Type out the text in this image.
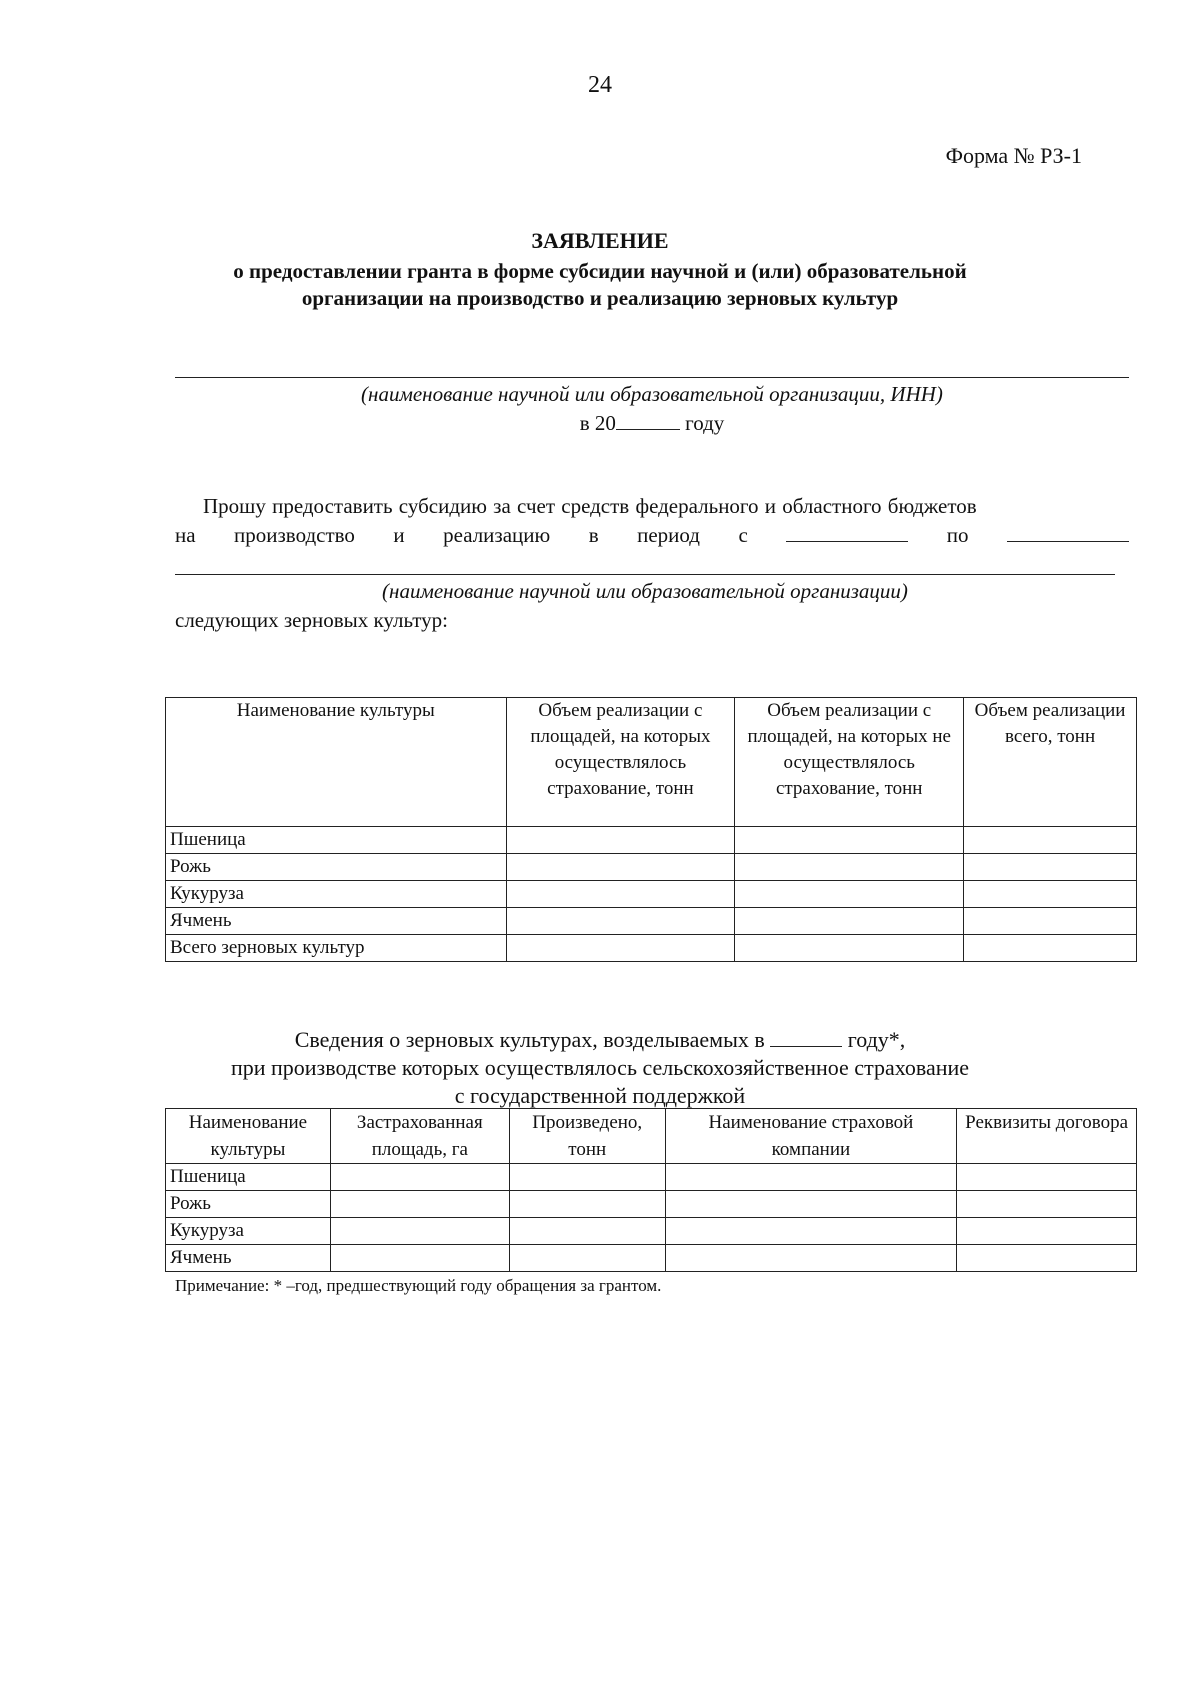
24
Форма № РЗ-1
ЗАЯВЛЕНИЕ
о предоставлении гранта в форме субсидии научной и (или) образовательной
организации на производство и реализацию зерновых культур
(наименование научной или образовательной организации, ИНН)
в 20	году
Прошу предоставить субсидию за счет средств федерального и областного бюджетов
на производство и реализацию в период с	по
(наименование научной или образовательной организации)
следующих зерновых культур:
Наименование культуры	Объем реализации с площадей, на которых осуществлялось страхование, тонн	Объем реализации с площадей, на которых не осуществлялось страхование, тонн	Объем реализации всего, тонн
Пшеница			
Рожь			
Кукуруза			
Ячмень			
Всего зерновых культур			
Сведения о зерновых культурах, возделываемых в	году*,
при производстве которых осуществлялось сельскохозяйственное страхование
с государственной поддержкой
Наименование культуры	Застрахованная площадь, га	Произведено, тонн	Наименование страховой компании	Реквизиты договора
Пшеница				
Рожь				
Кукуруза				
Ячмень				
Примечание: * –год, предшествующий году обращения за грантом.
